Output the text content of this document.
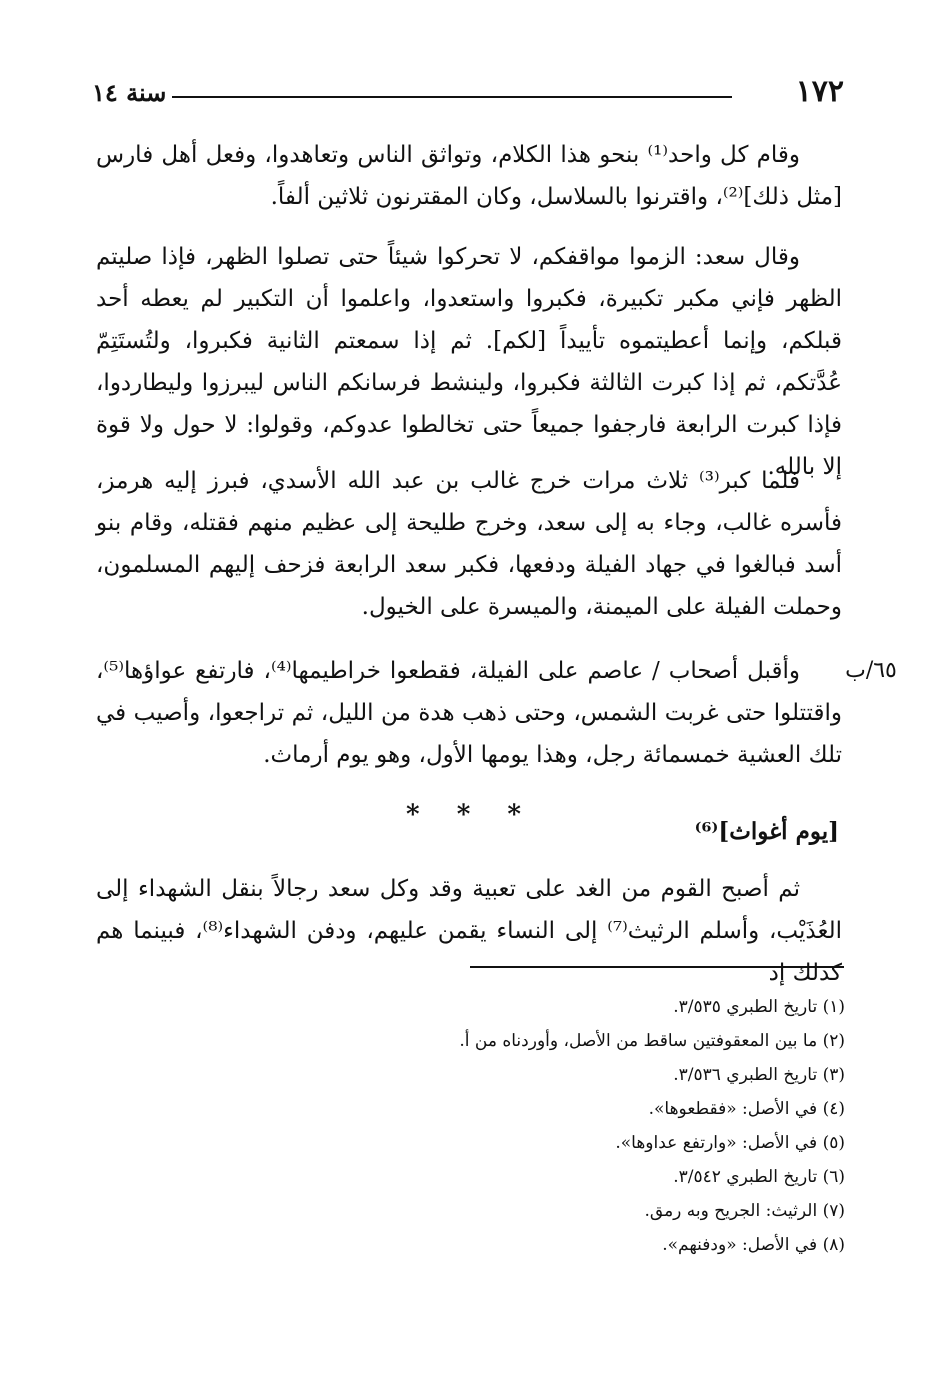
١٧٢
سنة ١٤
وقام كل واحد⁽¹⁾ بنحو هذا الكلام، وتواثق الناس وتعاهدوا، وفعل أهل فارس [مثل ذلك]⁽²⁾، واقترنوا بالسلاسل، وكان المقترنون ثلاثين ألفاً.
وقال سعد: الزموا مواقفكم، لا تحركوا شيئاً حتى تصلوا الظهر، فإذا صليتم الظهر فإني مكبر تكبيرة، فكبروا واستعدوا، واعلموا أن التكبير لم يعطه أحد قبلكم، وإنما أعطيتموه تأييداً [لكم]. ثم إذا سمعتم الثانية فكبروا، ولتُستَتِمّ عُدَّتكم، ثم إذا كبرت الثالثة فكبروا، ولينشط فرسانكم الناس ليبرزوا وليطاردوا، فإذا كبرت الرابعة فارجفوا جميعاً حتى تخالطوا عدوكم، وقولوا: لا حول ولا قوة إلا بالله.
فلما كبر⁽³⁾ ثلاث مرات خرج غالب بن عبد الله الأسدي، فبرز إليه هرمز، فأسره غالب، وجاء به إلى سعد، وخرج طليحة إلى عظيم منهم فقتله، وقام بنو أسد فبالغوا في جهاد الفيلة ودفعها، فكبر سعد الرابعة فزحف إليهم المسلمون، وحملت الفيلة على الميمنة، والميسرة على الخيول.
٦٥/ب
وأقبل أصحاب / عاصم على الفيلة، فقطعوا خراطيمها⁽⁴⁾، فارتفع عواؤها⁽⁵⁾، واقتتلوا حتى غربت الشمس، وحتى ذهب هدة من الليل، ثم تراجعوا، وأصيب في تلك العشية خمسمائة رجل، وهذا يومها الأول، وهو يوم أرماث.
* * *
[يوم أغواث]⁽⁶⁾
ثم أصبح القوم من الغد على تعبية وقد وكل سعد رجالاً بنقل الشهداء إلى العُذَيْب، وأسلم الرثيث⁽⁷⁾ إلى النساء يقمن عليهم، ودفن الشهداء⁽⁸⁾، فبينما هم كذلك إذ
(١) تاريخ الطبري ٣/٥٣٥.
(٢) ما بين المعقوفتين ساقط من الأصل، وأوردناه من أ.
(٣) تاريخ الطبري ٣/٥٣٦.
(٤) في الأصل: «فقطعوها».
(٥) في الأصل: «وارتفع عداوها».
(٦) تاريخ الطبري ٣/٥٤٢.
(٧) الرثيث: الجريح وبه رمق.
(٨) في الأصل: «ودفنهم».
